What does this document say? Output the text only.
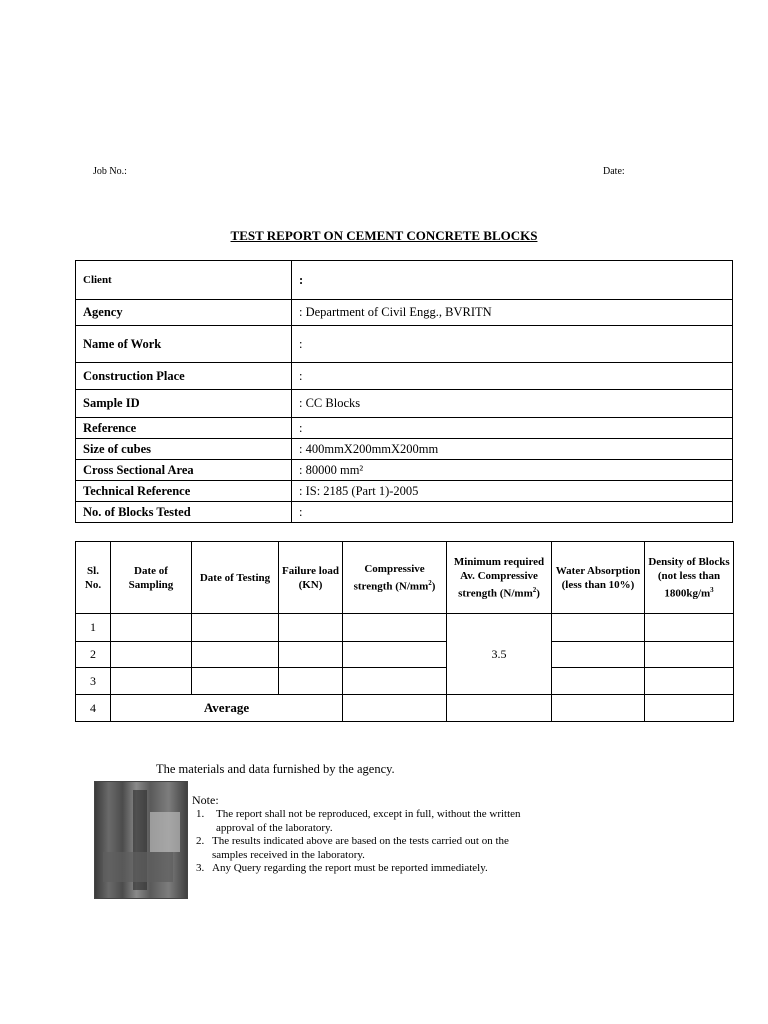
Job No.:	Date:
TEST REPORT ON CEMENT CONCRETE BLOCKS
Client	:
Agency	: Department of Civil Engg., BVRITN
Name of Work	:
Construction Place	:
Sample ID	: CC Blocks
Reference	:
Size of cubes	: 400mmX200mmX200mm
Cross Sectional Area	: 80000 mm²
Technical Reference	: IS: 2185 (Part 1)-2005
No. of Blocks Tested	:
Sl. No.	Date of Sampling	Date of Testing	Failure load (KN)	Compressive strength $(N/mm^2)$	Minimum required Av. Compressive strength $(N/mm^2)$	Water Absorption (less than 10%)	Density of Blocks (not less than $1800kg/m^3$
1					3.5		
2							
3							
4	Average						
The materials and data furnished by the agency.
Note:
1. The report shall not be reproduced, except in full, without the written
approval of the laboratory.
2. The results indicated above are based on the tests carried out on the
samples received in the laboratory.
3. Any Query regarding the report must be reported immediately.
